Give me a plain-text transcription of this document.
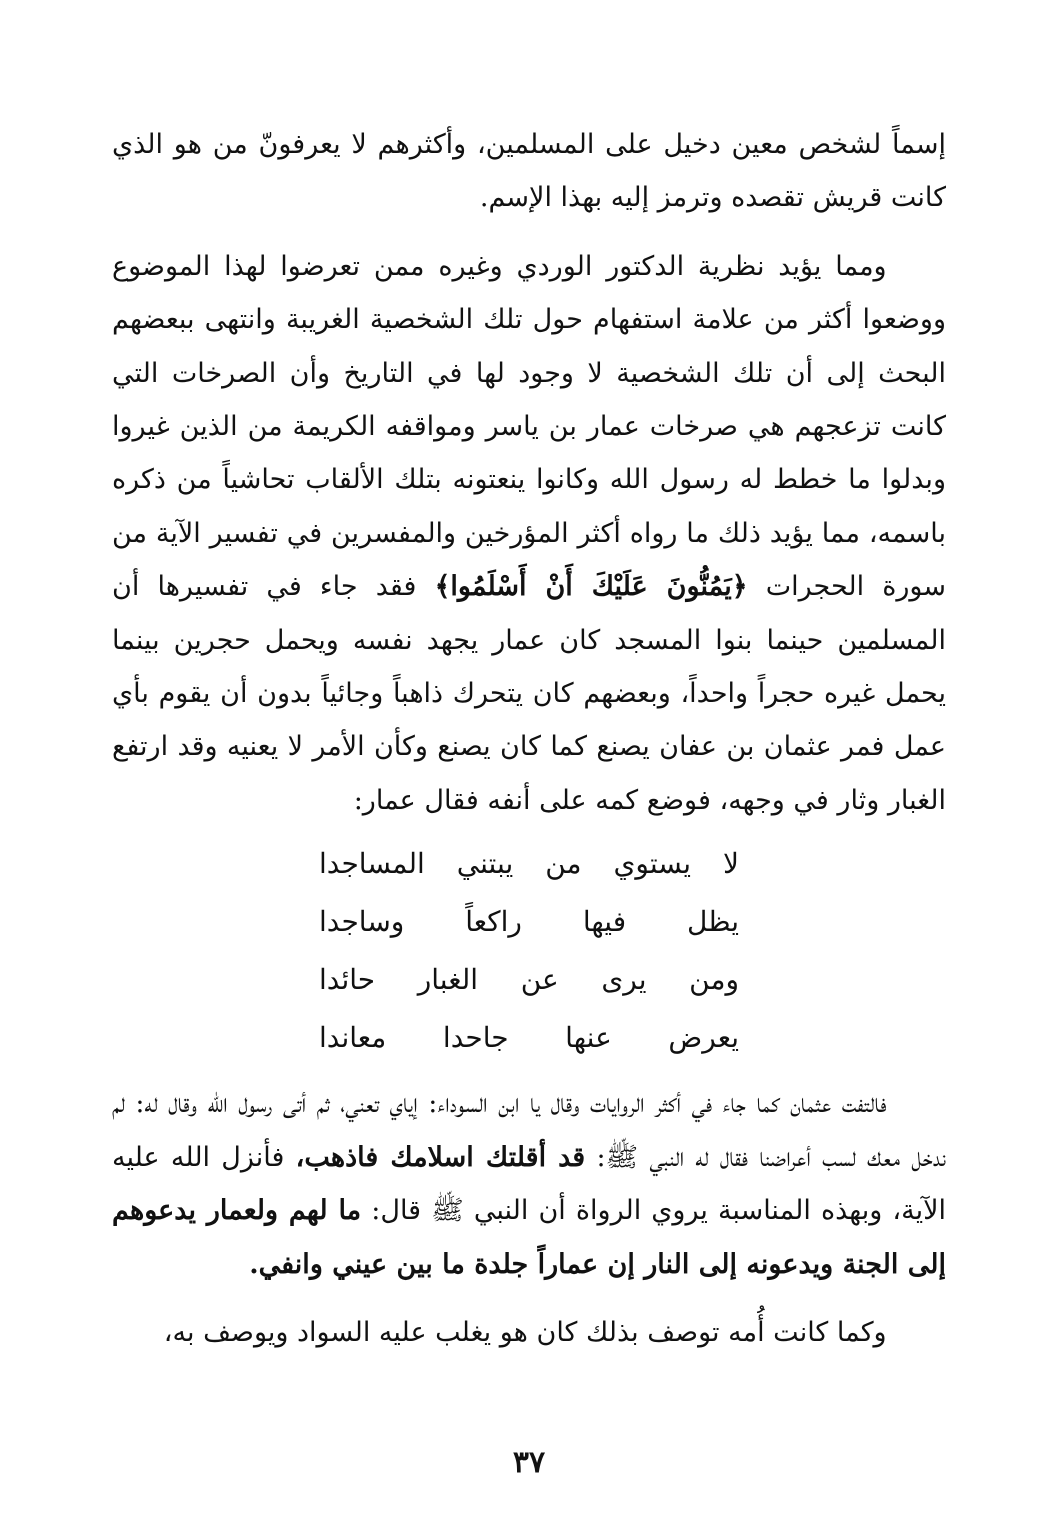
إسماً لشخص معين دخيل على المسلمين، وأكثرهم لا يعرفونّ من هو الذي كانت قريش تقصده وترمز إليه بهذا الإسم.

ومما يؤيد نظرية الدكتور الوردي وغيره ممن تعرضوا لهذا الموضوع ووضعوا أكثر من علامة استفهام حول تلك الشخصية الغريبة وانتهى ببعضهم البحث إلى أن تلك الشخصية لا وجود لها في التاريخ وأن الصرخات التي كانت تزعجهم هي صرخات عمار بن ياسر ومواقفه الكريمة من الذين غيروا وبدلوا ما خطط له رسول الله وكانوا ينعتونه بتلك الألقاب تحاشياً من ذكره باسمه، مما يؤيد ذلك ما رواه أكثر المؤرخين والمفسرين في تفسير الآية من سورة الحجرات ﴿يَمُنُّونَ عَلَيْكَ أَنْ أَسْلَمُوا﴾ فقد جاء في تفسيرها أن المسلمين حينما بنوا المسجد كان عمار يجهد نفسه ويحمل حجرين بينما يحمل غيره حجراً واحداً، وبعضهم كان يتحرك ذاهباً وجائياً بدون أن يقوم بأي عمل فمر عثمان بن عفان يصنع كما كان يصنع وكأن الأمر لا يعنيه وقد ارتفع الغبار وثار في وجهه، فوضع كمه على أنفه فقال عمار:

لا يستوي من يبتني المساجدا
يظل فيها راكعاً وساجدا
ومن يرى عن الغبار حائدا
يعرض عنها جاحدا معاندا

فالتفت عثمان كما جاء في أكثر الروايات وقال يا ابن السوداء: إياي تعني، ثم أتى رسول الله وقال له: لم ندخل معك لسب أعراضنا فقال له النبي ﷺ: قد أقلتك اسلامك فاذهب، فأنزل الله عليه الآية، وبهذه المناسبة يروي الرواة أن النبي ﷺ قال: ما لهم ولعمار يدعوهم إلى الجنة ويدعونه إلى النار إن عماراً جلدة ما بين عيني وانفي.

وكما كانت أُمه توصف بذلك كان هو يغلب عليه السواد ويوصف به،

٣٧
